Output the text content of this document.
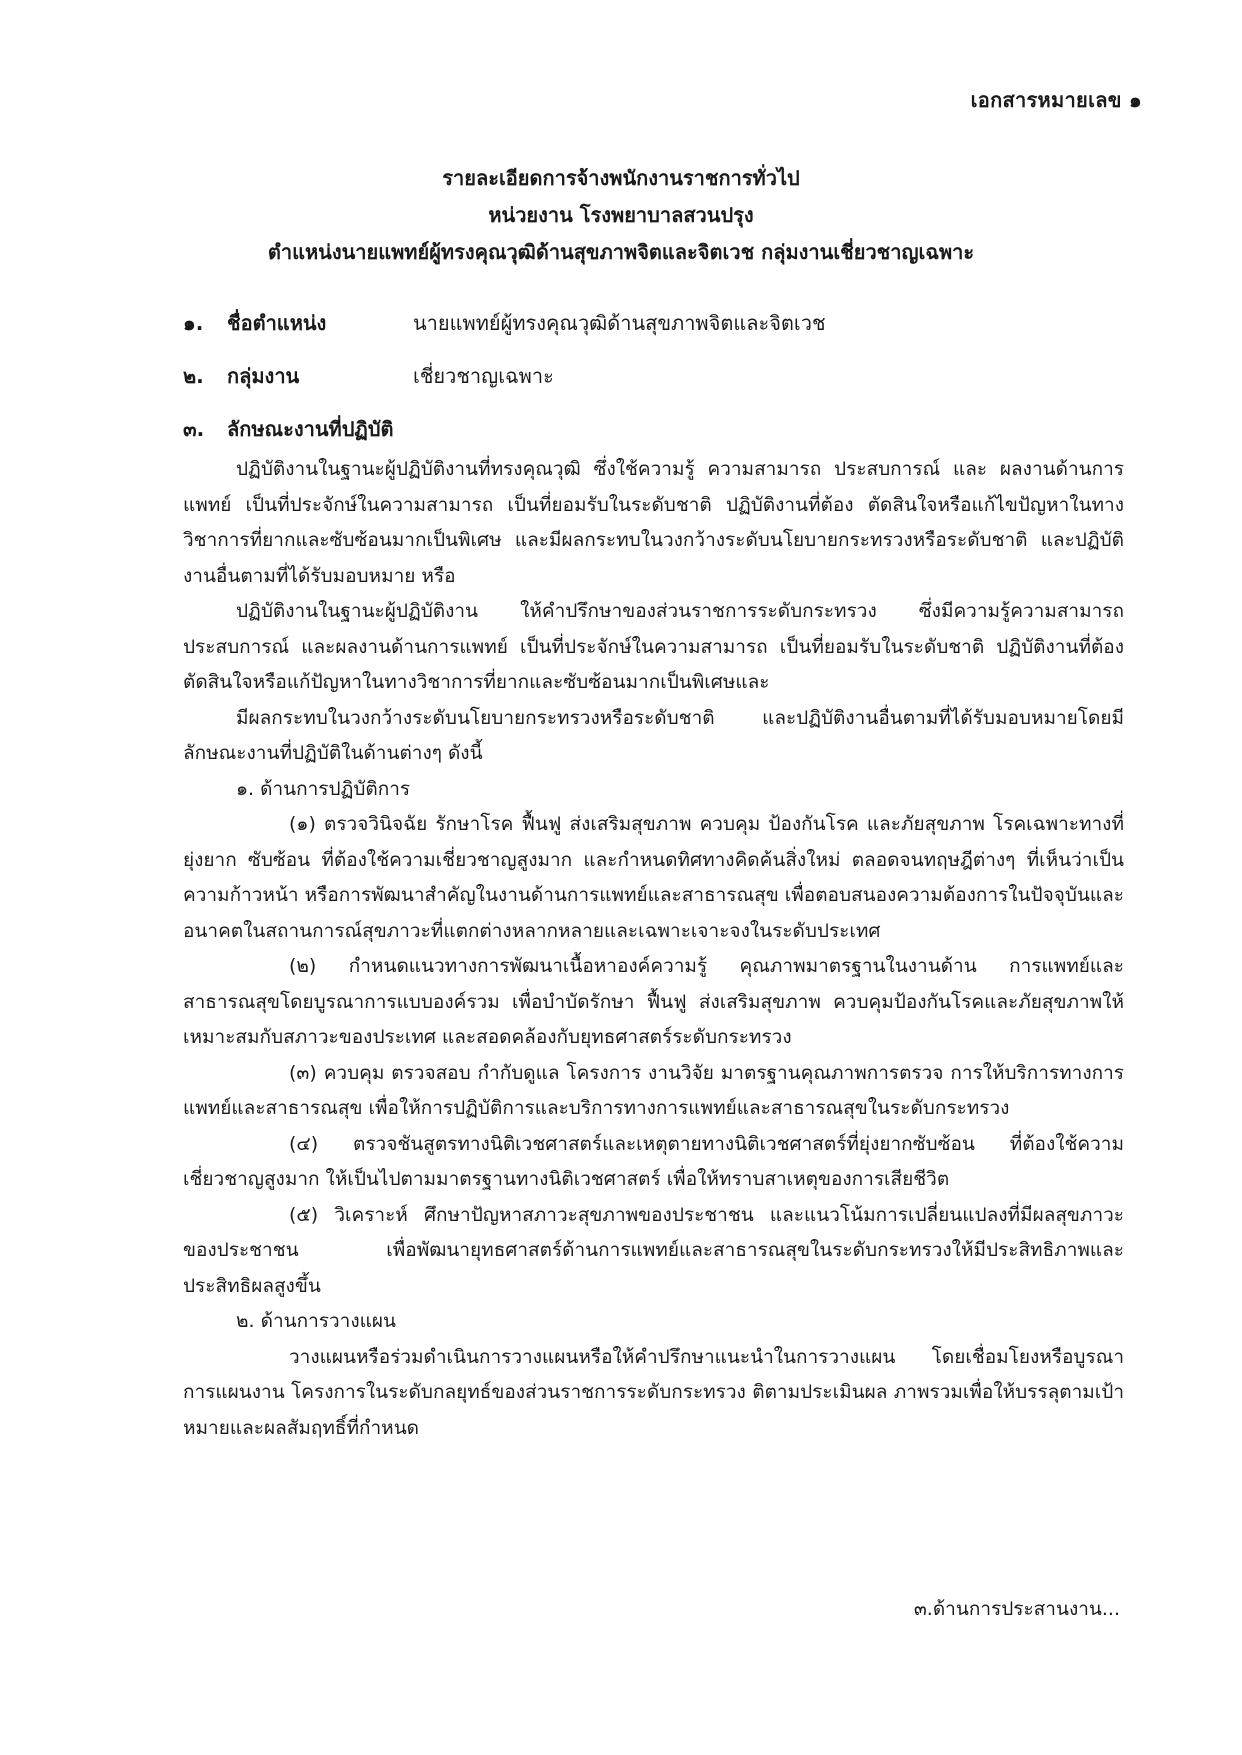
เอกสารหมายเลข ๑
รายละเอียดการจ้างพนักงานราชการทั่วไป
หน่วยงาน โรงพยาบาลสวนปรุง
ตำแหน่งนายแพทย์ผู้ทรงคุณวุฒิด้านสุขภาพจิตและจิตเวช กลุ่มงานเชี่ยวชาญเฉพาะ
๑.	ชื่อตำแหน่ง	นายแพทย์ผู้ทรงคุณวุฒิด้านสุขภาพจิตและจิตเวช
๒.	กลุ่มงาน	เชี่ยวชาญเฉพาะ
๓.	ลักษณะงานที่ปฏิบัติ

ปฏิบัติงานในฐานะผู้ปฏิบัติงานที่ทรงคุณวุฒิ ซึ่งใช้ความรู้ ความสามารถ ประสบการณ์ และ ผลงานด้านการแพทย์ เป็นที่ประจักษ์ในความสามารถ เป็นที่ยอมรับในระดับชาติ ปฏิบัติงานที่ต้อง ตัดสินใจหรือแก้ไขปัญหาในทางวิชาการที่ยากและซับซ้อนมากเป็นพิเศษ และมีผลกระทบในวงกว้างระดับนโยบายกระทรวงหรือระดับชาติ และปฏิบัติงานอื่นตามที่ได้รับมอบหมาย หรือ

ปฏิบัติงานในฐานะผู้ปฏิบัติงาน ให้คำปรึกษาของส่วนราชการระดับกระทรวง ซึ่งมีความรู้ความสามารถประสบการณ์ และผลงานด้านการแพทย์ เป็นที่ประจักษ์ในความสามารถ เป็นที่ยอมรับในระดับชาติ ปฏิบัติงานที่ต้องตัดสินใจหรือแก้ปัญหาในทางวิชาการที่ยากและซับซ้อนมากเป็นพิเศษและ

มีผลกระทบในวงกว้างระดับนโยบายกระทรวงหรือระดับชาติ และปฏิบัติงานอื่นตามที่ได้รับมอบหมายโดยมีลักษณะงานที่ปฏิบัติในด้านต่างๆ ดังนี้

๑. ด้านการปฏิบัติการ

(๑) ตรวจวินิจฉัย รักษาโรค ฟื้นฟู ส่งเสริมสุขภาพ ควบคุม ป้องกันโรค และภัยสุขภาพ โรคเฉพาะทางที่ยุ่งยาก ซับซ้อน ที่ต้องใช้ความเชี่ยวชาญสูงมาก และกำหนดทิศทางคิดค้นสิ่งใหม่ ตลอดจนทฤษฎีต่างๆ ที่เห็นว่าเป็นความก้าวหน้า หรือการพัฒนาสำคัญในงานด้านการแพทย์และสาธารณสุข เพื่อตอบสนองความต้องการในปัจจุบันและอนาคตในสถานการณ์สุขภาวะที่แตกต่างหลากหลายและเฉพาะเจาะจงในระดับประเทศ

(๒) กำหนดแนวทางการพัฒนาเนื้อหาองค์ความรู้ คุณภาพมาตรฐานในงานด้าน การแพทย์และสาธารณสุขโดยบูรณาการแบบองค์รวม เพื่อบำบัดรักษา ฟื้นฟู ส่งเสริมสุขภาพ ควบคุมป้องกันโรคและภัยสุขภาพให้เหมาะสมกับสภาวะของประเทศ และสอดคล้องกับยุทธศาสตร์ระดับกระทรวง

(๓) ควบคุม ตรวจสอบ กำกับดูแล โครงการ งานวิจัย มาตรฐานคุณภาพการตรวจ การให้บริการทางการแพทย์และสาธารณสุข เพื่อให้การปฏิบัติการและบริการทางการแพทย์และสาธารณสุขในระดับกระทรวง

(๔) ตรวจชันสูตรทางนิติเวชศาสตร์และเหตุตายทางนิติเวชศาสตร์ที่ยุ่งยากซับซ้อน ที่ต้องใช้ความเชี่ยวชาญสูงมาก ให้เป็นไปตามมาตรฐานทางนิติเวชศาสตร์ เพื่อให้ทราบสาเหตุของการเสียชีวิต

(๕) วิเคราะห์ ศึกษาปัญหาสภาวะสุขภาพของประชาชน และแนวโน้มการเปลี่ยนแปลงที่มีผลสุขภาวะของประชาชน เพื่อพัฒนายุทธศาสตร์ด้านการแพทย์และสาธารณสุขในระดับกระทรวงให้มีประสิทธิภาพและประสิทธิผลสูงขึ้น

๒. ด้านการวางแผน

วางแผนหรือร่วมดำเนินการวางแผนหรือให้คำปรึกษาแนะนำในการวางแผน โดยเชื่อมโยงหรือบูรณาการแผนงาน โครงการในระดับกลยุทธ์ของส่วนราชการระดับกระทรวง ติตามประเมินผล ภาพรวมเพื่อให้บรรลุตามเป้าหมายและผลสัมฤทธิ์ที่กำหนด

๓.ด้านการประสานงาน...
